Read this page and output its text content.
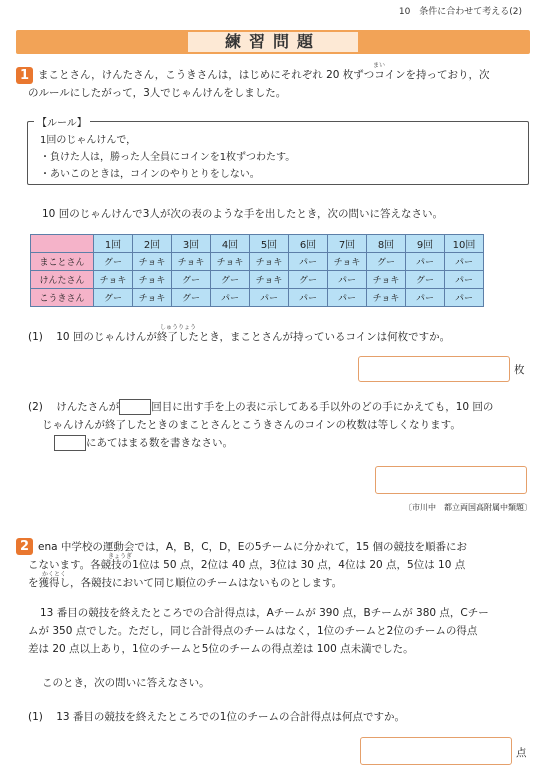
10 条件に合わせて考える(2)
練習問題
1
まい
まことさん，けんたさん，こうきさんは，はじめにそれぞれ 20 枚ずつコインを持っており，次
のルールにしたがって，3人でじゃんけんをしました。
【ルール】
1回のじゃんけんで，
・負けた人は，勝った人全員にコインを1枚ずつわたす。
・あいこのときは，コインのやりとりをしない。
10 回のじゃんけんで3人が次の表のような手を出したとき，次の問いに答えなさい。
	1回	2回	3回	4回	5回	6回	7回	8回	9回	10回
まことさん	グー	チョキ	チョキ	チョキ	チョキ	パー	チョキ	グー	パー	パー
けんたさん	チョキ	チョキ	グー	グー	チョキ	グー	パー	チョキ	グー	パー
こうきさん	グー	チョキ	グー	パー	パー	パー	パー	チョキ	パー	パー
しゅうりょう
(1) 10 回のじゃんけんが終了したとき，まことさんが持っているコインは何枚ですか。
枚
(2) けんたさんが	回目に出す手を上の表に示してある手以外のどの手にかえても，10 回の
じゃんけんが終了したときのまことさんとこうきさんのコインの枚数は等しくなります。
にあてはまる数を書きなさい。
〔市川中　都立両国高附属中類題〕
2 ena 中学校の運動会では，A，B，C，D，Eの5チームに分かれて，15 個の競技を順番にお
きょうぎ
こないます。各競技の1位は 50 点，2位は 40 点，3位は 30 点，4位は 20 点，5位は 10 点
かくとく
を獲得し，各競技において同じ順位のチームはないものとします。
13 番目の競技を終えたところでの合計得点は，Aチームが 390 点，Bチームが 380 点，Cチー
ムが 350 点でした。ただし，同じ合計得点のチームはなく，1位のチームと2位のチームの得点
差は 20 点以上あり，1位のチームと5位のチームの得点差は 100 点未満でした。
このとき，次の問いに答えなさい。
(1) 13 番目の競技を終えたところでの1位のチームの合計得点は何点ですか。
点
